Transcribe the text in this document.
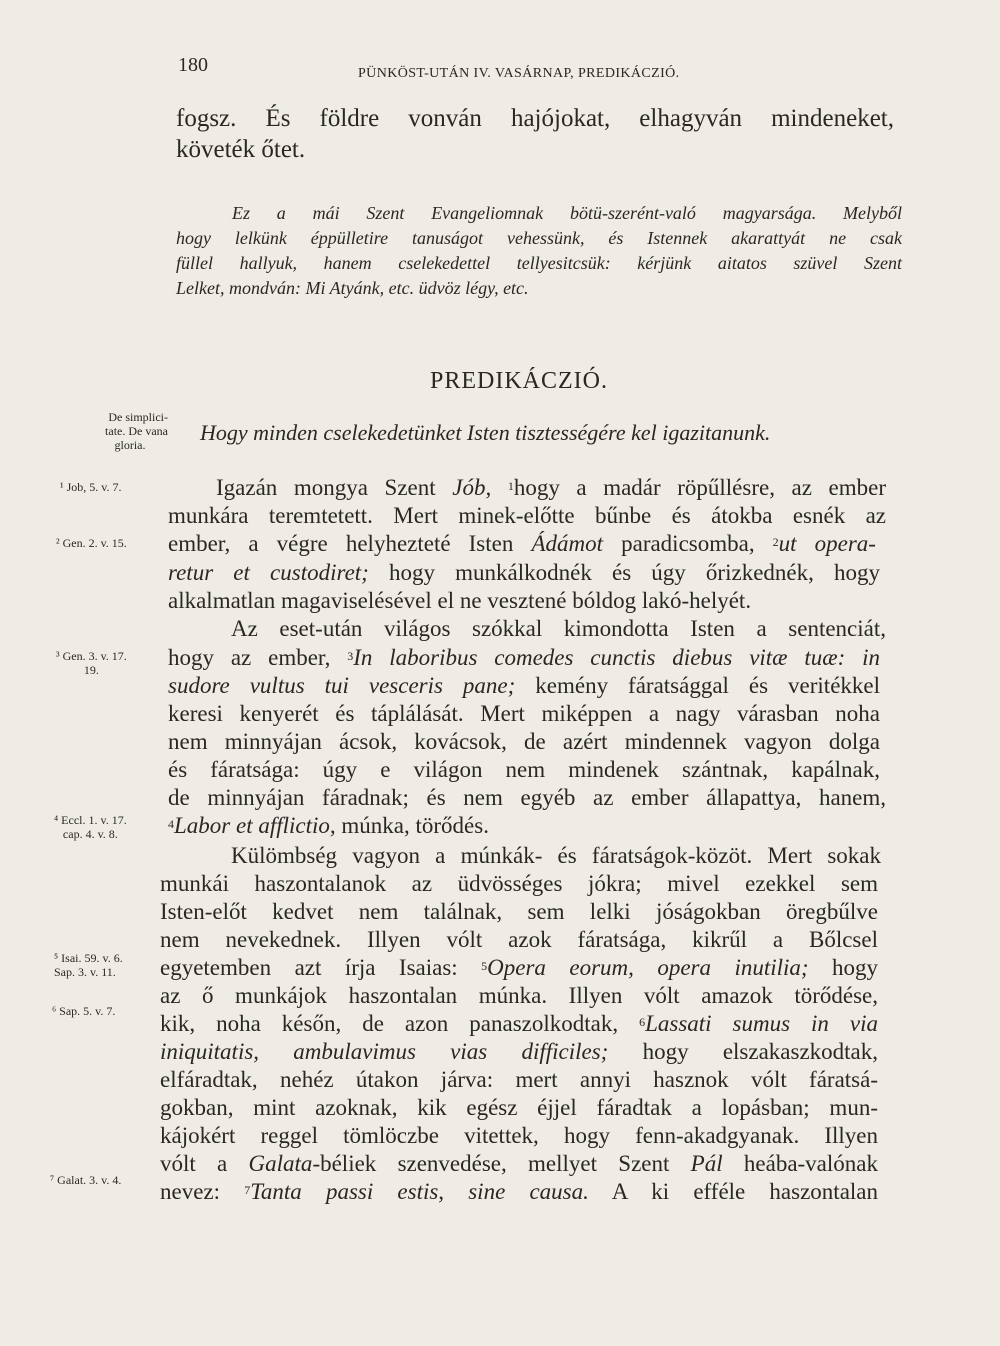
180	PÜNKÖST-UTÁN IV. VASÁRNAP, PREDIKÁCZIÓ.
fogsz. És földre vonván hajójokat, elhagyván mindeneket,
követék őtet.
Ez a mái Szent Evangeliomnak bötü-szerént-való magyarsága. Melyből
hogy lelkünk éppülletire tanuságot vehessünk, és Istennek akarattyát ne csak
füllel hallyuk, hanem cselekedettel tellyesitcsük: kérjünk aitatos szüvel Szent
Lelket, mondván: Mi Atyánk, etc. üdvöz légy, etc.
PREDIKÁCZIÓ.
Hogy minden cselekedetünket Isten tisztességére kel igazitanunk.
De simplici-
tate. De vana
gloria.
¹ Job, 5. v. 7.
² Gen. 2. v. 15.
³ Gen. 3. v. 17.
19.
⁴ Eccl. 1. v. 17.
cap. 4. v. 8.
⁵ Isai. 59. v. 6.
Sap. 3. v. 11.
⁶ Sap. 5. v. 7.
⁷ Galat. 3. v. 4.
Igazán mongya Szent Jób, $^1$hogy a madár röpűllésre, az ember
munkára teremtetett. Mert minek-előtte bűnbe és átokba esnék az
ember, a végre helyhezteté Isten Ádámot paradicsomba, $^2$ut opera-
retur et custodiret; hogy munkálkodnék és úgy őrizkednék, hogy
alkalmatlan magaviselésével el ne vesztené bóldog lakó-helyét.
Az eset-után világos szókkal kimondotta Isten a sentenciát,
hogy az ember, $^3$In laboribus comedes cunctis diebus vitæ tuæ: in
sudore vultus tui vesceris pane; kemény fáratsággal és veritékkel
keresi kenyerét és táplálását. Mert miképpen a nagy várasban noha
nem minnyájan ácsok, kovácsok, de azért mindennek vagyon dolga
és fáratsága: úgy e világon nem mindenek szántnak, kapálnak,
de minnyájan fáradnak; és nem egyéb az ember állapattya, hanem,
$^4$Labor et afflictio, múnka, törődés.
Külömbség vagyon a múnkák- és fáratságok-közöt. Mert sokak
munkái haszontalanok az üdvösséges jókra; mivel ezekkel sem
Isten-előt kedvet nem találnak, sem lelki jóságokban öregbűlve
nem nevekednek. Illyen vólt azok fáratsága, kikrűl a Bőlcsel
egyetemben azt írja Isaias: $^5$Opera eorum, opera inutilia; hogy
az ő munkájok haszontalan múnka. Illyen vólt amazok törődése,
kik, noha későn, de azon panaszolkodtak, $^6$Lassati sumus in via
iniquitatis, ambulavimus vias difficiles; hogy elszakaszkodtak,
elfáradtak, nehéz útakon járva: mert annyi hasznok vólt fáratsá-
gokban, mint azoknak, kik egész éjjel fáradtak a lopásban; mun-
kájokért reggel tömlöczbe vitettek, hogy fenn-akadgyanak. Illyen
vólt a Galata-béliek szenvedése, mellyet Szent Pál heába-valónak
nevez: $^7$Tanta passi estis, sine causa. A ki efféle haszontalan
